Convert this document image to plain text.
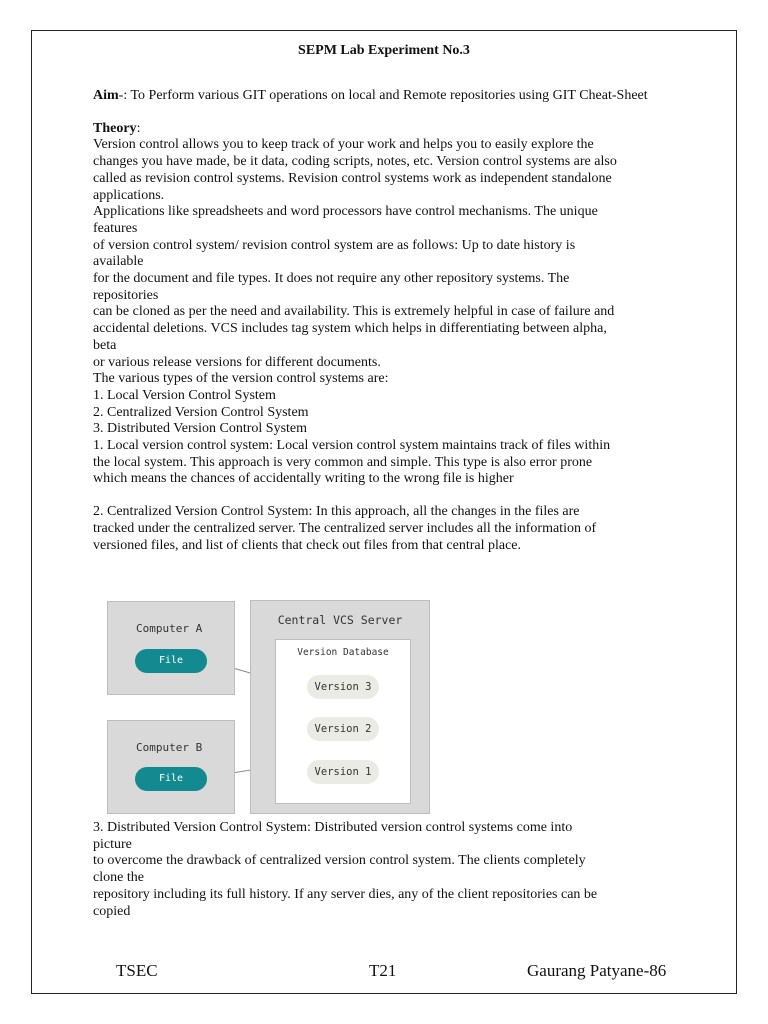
SEPM Lab Experiment No.3

Aim-: To Perform various GIT operations on local and Remote repositories using GIT Cheat-Sheet

Theory:

Version control allows you to keep track of your work and helps you to easily explore the
changes you have made, be it data, coding scripts, notes, etc. Version control systems are also
called as revision control systems. Revision control systems work as independent standalone
applications.
Applications like spreadsheets and word processors have control mechanisms. The unique
features
of version control system/ revision control system are as follows: Up to date history is
available
for the document and file types. It does not require any other repository systems. The
repositories
can be cloned as per the need and availability. This is extremely helpful in case of failure and
accidental deletions. VCS includes tag system which helps in differentiating between alpha,
beta
or various release versions for different documents.
The various types of the version control systems are:
1. Local Version Control System
2. Centralized Version Control System
3. Distributed Version Control System
1. Local version control system: Local version control system maintains track of files within
the local system. This approach is very common and simple. This type is also error prone
which means the chances of accidentally writing to the wrong file is higher
2. Centralized Version Control System: In this approach, all the changes in the files are
tracked under the centralized server. The centralized server includes all the information of
versioned files, and list of clients that check out files from that central place.
Computer A
File
Computer B
File
Central VCS Server
Version Database
Version 3
Version 2
Version 1
3. Distributed Version Control System: Distributed version control systems come into
picture
to overcome the drawback of centralized version control system. The clients completely
clone the
repository including its full history. If any server dies, any of the client repositories can be
copied
TSEC	T21	Gaurang Patyane-86
